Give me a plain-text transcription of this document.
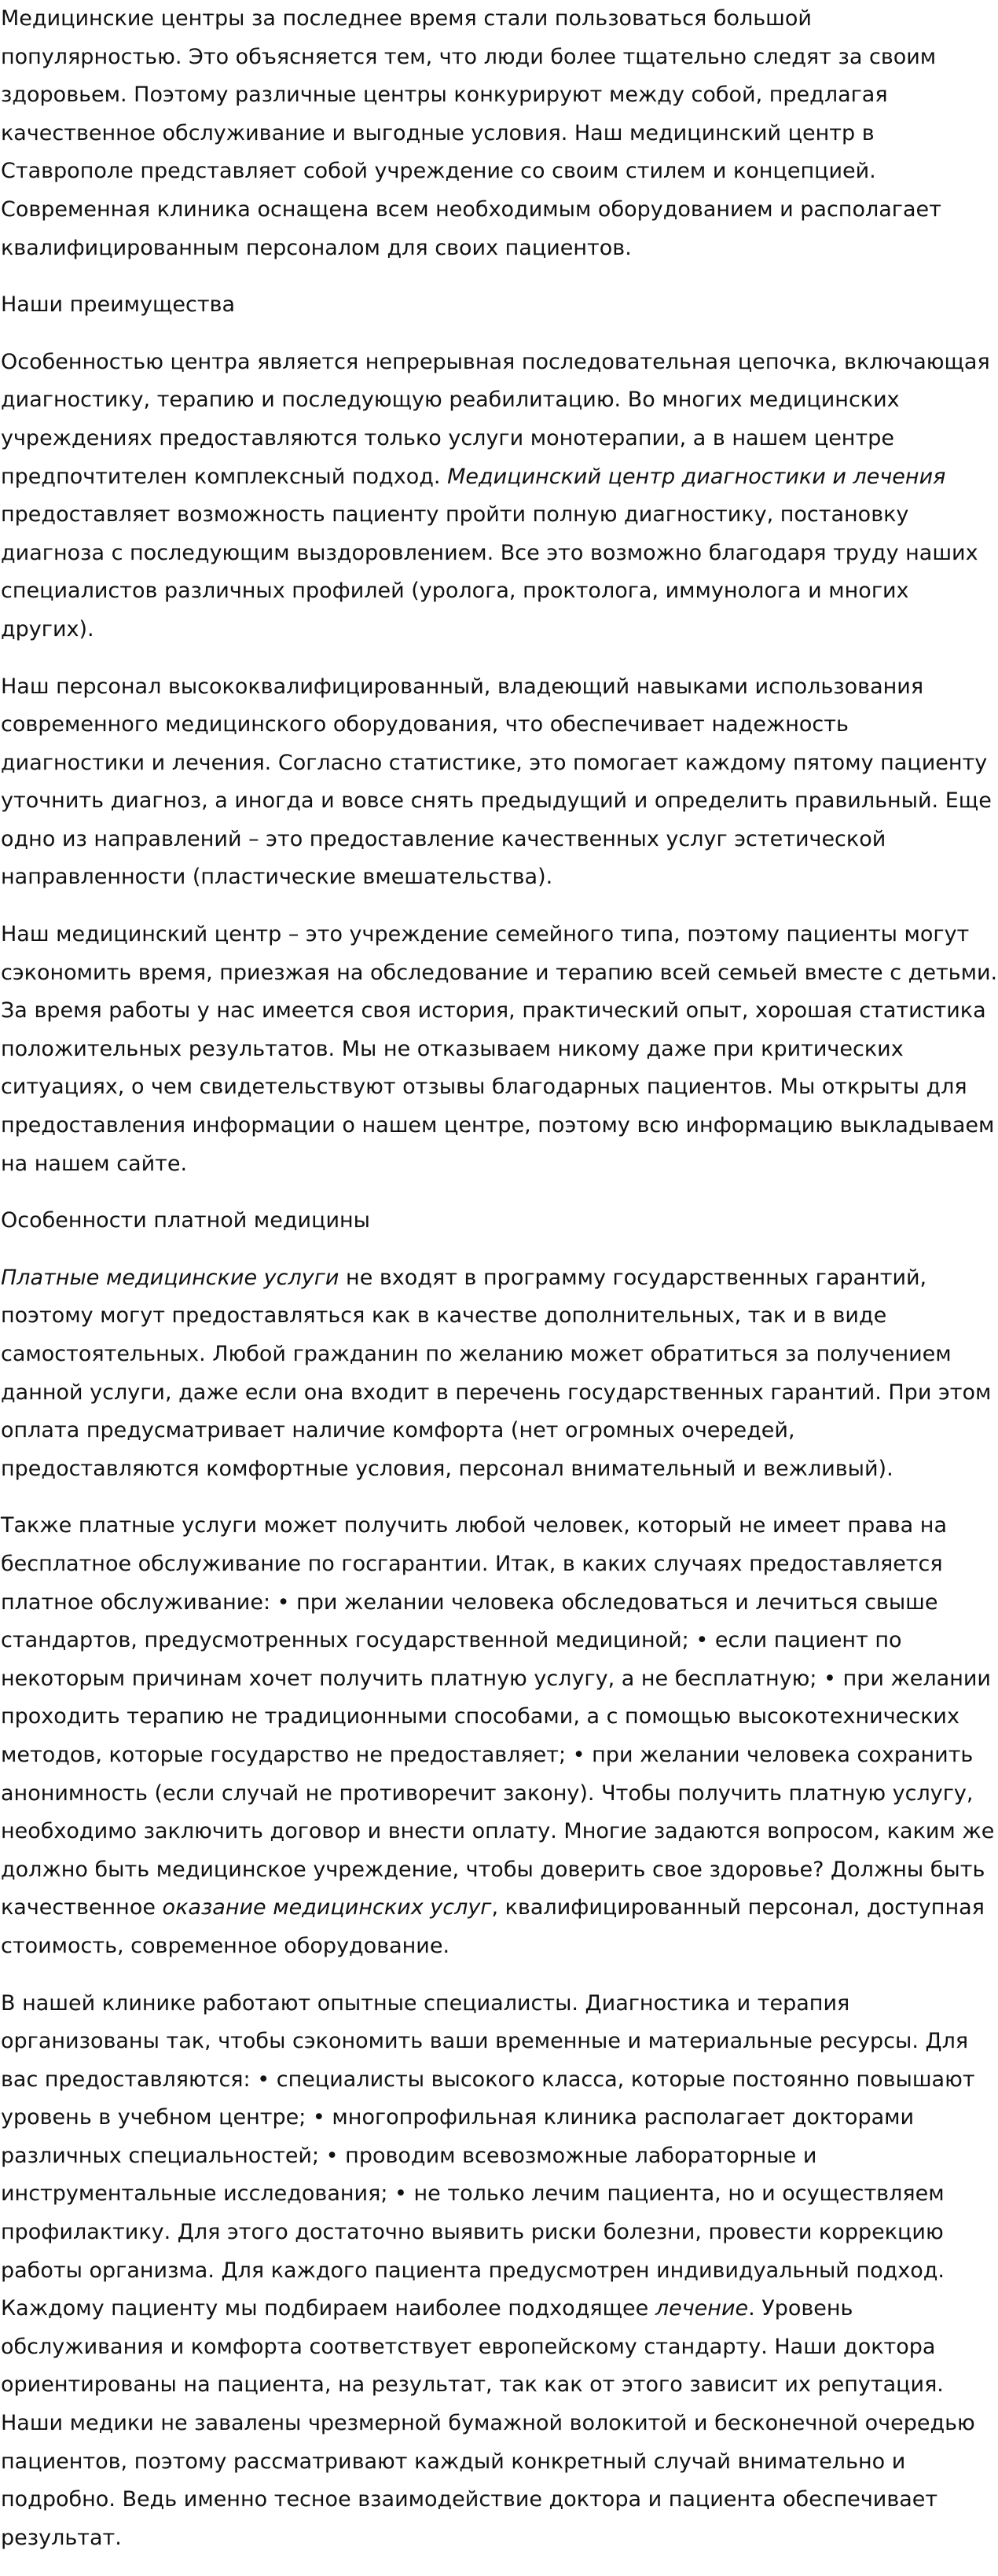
Медицинские центры за последнее время стали пользоваться большой популярностью. Это объясняется тем, что люди более тщательно следят за своим здоровьем. Поэтому различные центры конкурируют между собой, предлагая качественное обслуживание и выгодные условия. Наш медицинский центр в Ставрополе представляет собой учреждение со своим стилем и концепцией. Современная клиника оснащена всем необходимым оборудованием и располагает квалифицированным персоналом для своих пациентов.

Наши преимущества

Особенностью центра является непрерывная последовательная цепочка, включающая диагностику, терапию и последующую реабилитацию. Во многих медицинских учреждениях предоставляются только услуги монотерапии, а в нашем центре предпочтителен комплексный подход. Медицинский центр диагностики и лечения предоставляет возможность пациенту пройти полную диагностику, постановку диагноза с последующим выздоровлением. Все это возможно благодаря труду наших специалистов различных профилей (уролога, проктолога, иммунолога и многих других).

Наш персонал высококвалифицированный, владеющий навыками использования современного медицинского оборудования, что обеспечивает надежность диагностики и лечения. Согласно статистике, это помогает каждому пятому пациенту уточнить диагноз, а иногда и вовсе снять предыдущий и определить правильный. Еще одно из направлений – это предоставление качественных услуг эстетической направленности (пластические вмешательства).

Наш медицинский центр – это учреждение семейного типа, поэтому пациенты могут сэкономить время, приезжая на обследование и терапию всей семьей вместе с детьми. За время работы у нас имеется своя история, практический опыт, хорошая статистика положительных результатов. Мы не отказываем никому даже при критических ситуациях, о чем свидетельствуют отзывы благодарных пациентов. Мы открыты для предоставления информации о нашем центре, поэтому всю информацию выкладываем на нашем сайте.

Особенности платной медицины

Платные медицинские услуги не входят в программу государственных гарантий, поэтому могут предоставляться как в качестве дополнительных, так и в виде самостоятельных. Любой гражданин по желанию может обратиться за получением данной услуги, даже если она входит в перечень государственных гарантий. При этом оплата предусматривает наличие комфорта (нет огромных очередей, предоставляются комфортные условия, персонал внимательный и вежливый).

Также платные услуги может получить любой человек, который не имеет права на бесплатное обслуживание по госгарантии. Итак, в каких случаях предоставляется платное обслуживание: • при желании человека обследоваться и лечиться свыше стандартов, предусмотренных государственной медициной; • если пациент по некоторым причинам хочет получить платную услугу, а не бесплатную; • при желании проходить терапию не традиционными способами, а с помощью высокотехнических методов, которые государство не предоставляет; • при желании человека сохранить анонимность (если случай не противоречит закону). Чтобы получить платную услугу, необходимо заключить договор и внести оплату. Многие задаются вопросом, каким же должно быть медицинское учреждение, чтобы доверить свое здоровье? Должны быть качественное оказание медицинских услуг, квалифицированный персонал, доступная стоимость, современное оборудование.

В нашей клинике работают опытные специалисты. Диагностика и терапия организованы так, чтобы сэкономить ваши временные и материальные ресурсы. Для вас предоставляются: • специалисты высокого класса, которые постоянно повышают уровень в учебном центре; • многопрофильная клиника располагает докторами различных специальностей; • проводим всевозможные лабораторные и инструментальные исследования; • не только лечим пациента, но и осуществляем профилактику. Для этого достаточно выявить риски болезни, провести коррекцию работы организма. Для каждого пациента предусмотрен индивидуальный подход. Каждому пациенту мы подбираем наиболее подходящее лечение. Уровень обслуживания и комфорта соответствует европейскому стандарту. Наши доктора ориентированы на пациента, на результат, так как от этого зависит их репутация. Наши медики не завалены чрезмерной бумажной волокитой и бесконечной очередью пациентов, поэтому рассматривают каждый конкретный случай внимательно и подробно. Ведь именно тесное взаимодействие доктора и пациента обеспечивает результат.
